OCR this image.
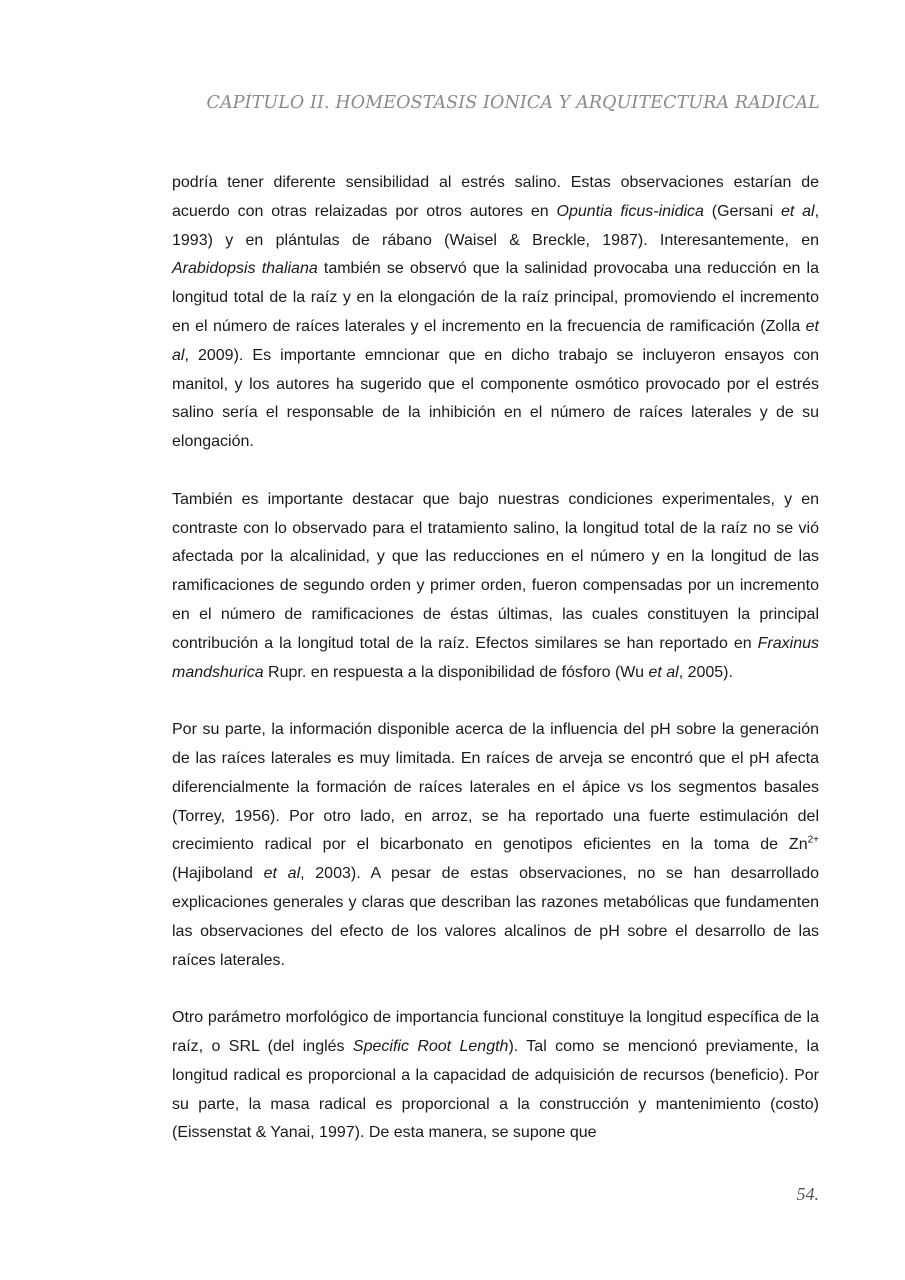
CAPÍTULO II. HOMEOSTASIS IÓNICA Y ARQUITECTURA RADICAL

podría tener diferente sensibilidad al estrés salino. Estas observaciones estarían de acuerdo con otras relaizadas por otros autores en Opuntia ficus-inidica (Gersani et al, 1993) y en plántulas de rábano (Waisel & Breckle, 1987). Interesantemente, en Arabidopsis thaliana también se observó que la salinidad provocaba una reducción en la longitud total de la raíz y en la elongación de la raíz principal, promoviendo el incremento en el número de raíces laterales y el incremento en la frecuencia de ramificación (Zolla et al, 2009). Es importante emncionar que en dicho trabajo se incluyeron ensayos con manitol, y los autores ha sugerido que el componente osmótico provocado por el estrés salino sería el responsable de la inhibición en el número de raíces laterales y de su elongación.

También es importante destacar que bajo nuestras condiciones experimentales, y en contraste con lo observado para el tratamiento salino, la longitud total de la raíz no se vió afectada por la alcalinidad, y que las reducciones en el número y en la longitud de las ramificaciones de segundo orden y primer orden, fueron compensadas por un incremento en el número de ramificaciones de éstas últimas, las cuales constituyen la principal contribución a la longitud total de la raíz. Efectos similares se han reportado en Fraxinus mandshurica Rupr. en respuesta a la disponibilidad de fósforo (Wu et al, 2005).

Por su parte, la información disponible acerca de la influencia del pH sobre la generación de las raíces laterales es muy limitada. En raíces de arveja se encontró que el pH afecta diferencialmente la formación de raíces laterales en el ápice vs los segmentos basales (Torrey, 1956). Por otro lado, en arroz, se ha reportado una fuerte estimulación del crecimiento radical por el bicarbonato en genotipos eficientes en la toma de $Zn^{2+}$ (Hajiboland et al, 2003). A pesar de estas observaciones, no se han desarrollado explicaciones generales y claras que describan las razones metabólicas que fundamenten las observaciones del efecto de los valores alcalinos de pH sobre el desarrollo de las raíces laterales.

Otro parámetro morfológico de importancia funcional constituye la longitud específica de la raíz, o SRL (del inglés Specific Root Length). Tal como se mencionó previamente, la longitud radical es proporcional a la capacidad de adquisición de recursos (beneficio). Por su parte, la masa radical es proporcional a la construcción y mantenimiento (costo) (Eissenstat & Yanai, 1997). De esta manera, se supone que

54.
